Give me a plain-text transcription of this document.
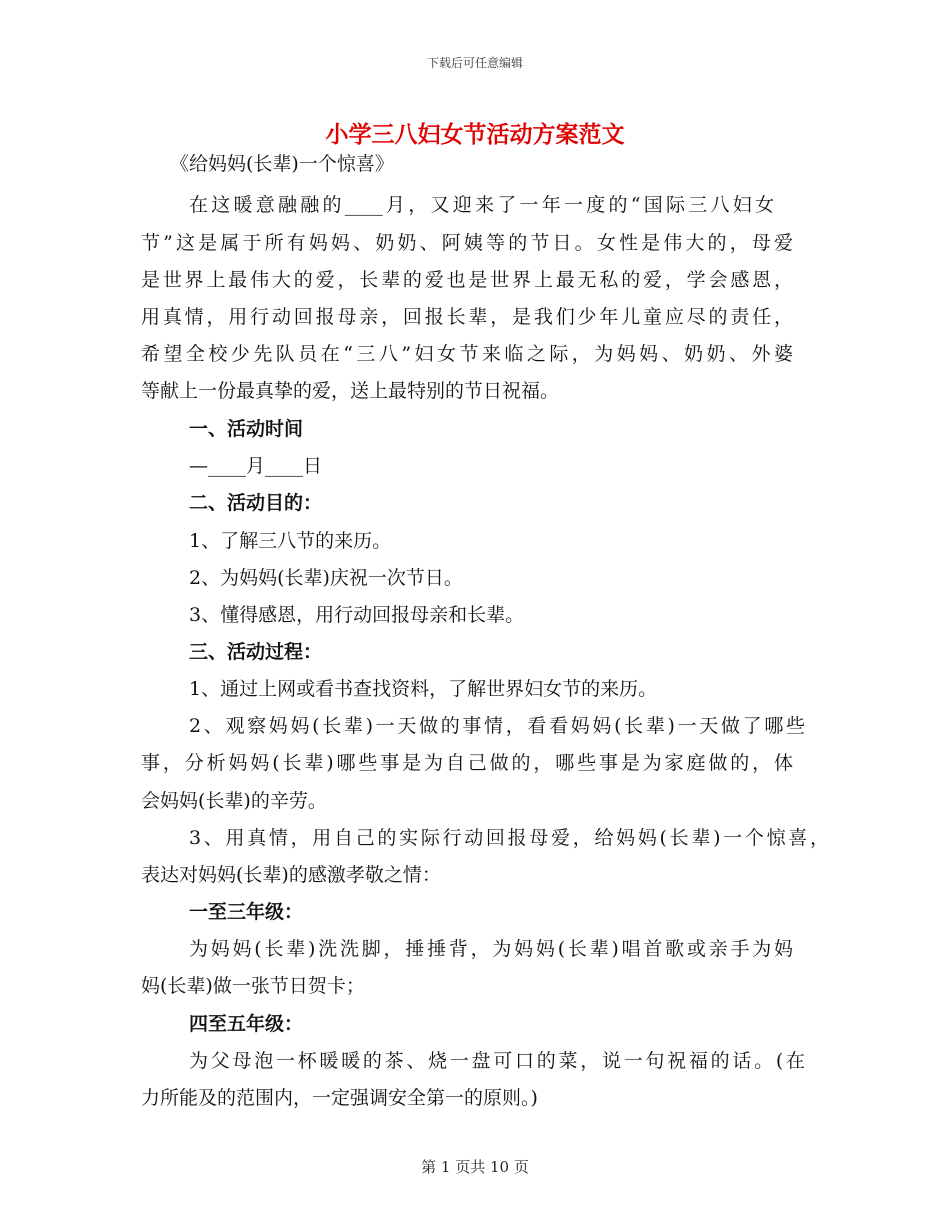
下载后可任意编辑
小学三八妇女节活动方案范文
《给妈妈(长辈)一个惊喜》
在这暖意融融的____月，又迎来了一年一度的“国际三八妇女
节”这是属于所有妈妈、奶奶、阿姨等的节日。女性是伟大的，母爱
是世界上最伟大的爱，长辈的爱也是世界上最无私的爱，学会感恩，
用真情，用行动回报母亲，回报长辈，是我们少年儿童应尽的责任，
希望全校少先队员在“三八”妇女节来临之际，为妈妈、奶奶、外婆
等献上一份最真挚的爱，送上最特别的节日祝福。
一、活动时间
—____月____日
二、活动目的：
1、了解三八节的来历。
2、为妈妈(长辈)庆祝一次节日。
3、懂得感恩，用行动回报母亲和长辈。
三、活动过程：
1、通过上网或看书查找资料，了解世界妇女节的来历。
2、观察妈妈(长辈)一天做的事情，看看妈妈(长辈)一天做了哪些
事，分析妈妈(长辈)哪些事是为自己做的，哪些事是为家庭做的，体
会妈妈(长辈)的辛劳。
3、用真情，用自己的实际行动回报母爱，给妈妈(长辈)一个惊喜，
表达对妈妈(长辈)的感激孝敬之情：
一至三年级：
为妈妈(长辈)洗洗脚，捶捶背，为妈妈(长辈)唱首歌或亲手为妈
妈(长辈)做一张节日贺卡；
四至五年级：
为父母泡一杯暖暖的茶、烧一盘可口的菜，说一句祝福的话。(在
力所能及的范围内，一定强调安全第一的原则。)
第 1 页共 10 页
